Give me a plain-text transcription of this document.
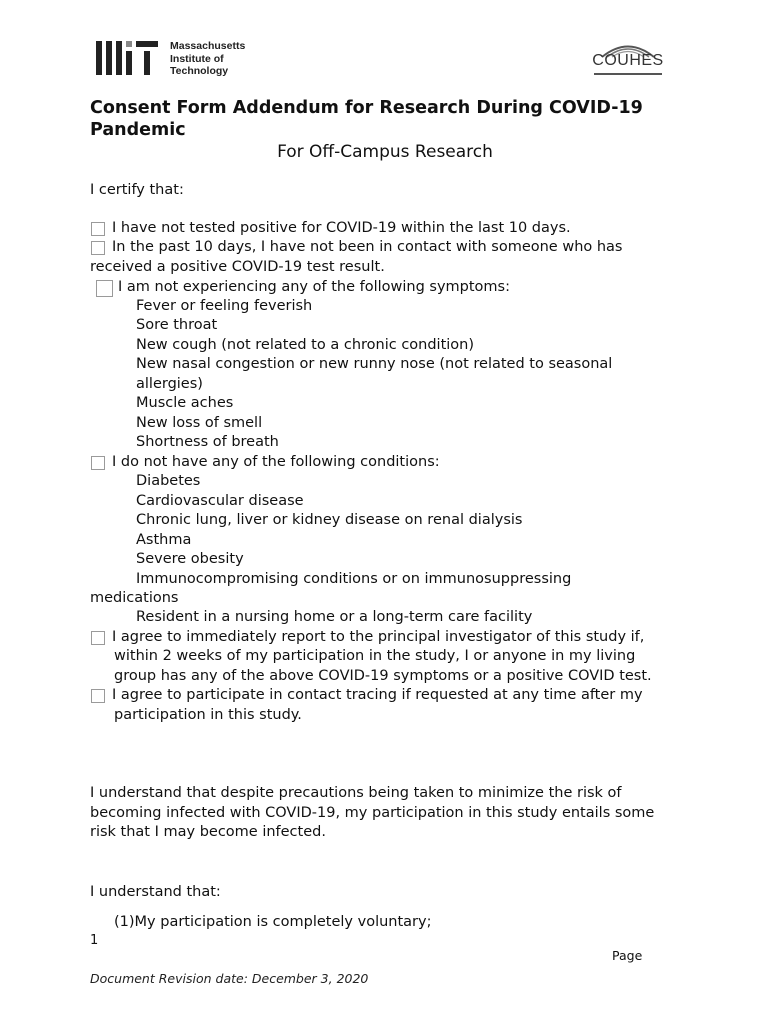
Massachusetts
Institute of
Technology
COUHES
Consent Form Addendum for Research During COVID-19 Pandemic
For Off-Campus Research
I certify that:
I have not tested positive for COVID-19 within the last 10 days.
In the past 10 days, I have not been in contact with someone who has
received a positive COVID-19 test result.
I am not experiencing any of the following symptoms:
Fever or feeling feverish
Sore throat
New cough (not related to a chronic condition)
New nasal congestion or new runny nose (not related to seasonal
allergies)
Muscle aches
New loss of smell
Shortness of breath
I do not have any of the following conditions:
Diabetes
Cardiovascular disease
Chronic lung, liver or kidney disease on renal dialysis
Asthma
Severe obesity
Immunocompromising conditions or on immunosuppressing
medications
Resident in a nursing home or a long-term care facility
I agree to immediately report to the principal investigator of this study if,
within 2 weeks of my participation in the study, I or anyone in my living
group has any of the above COVID-19 symptoms or a positive COVID test.
I agree to participate in contact tracing if requested at any time after my
participation in this study.
I understand that despite precautions being taken to minimize the risk of
becoming infected with COVID-19, my participation in this study entails some
risk that I may become infected.
I understand that:
(1)My participation is completely voluntary;
1
Page
Document Revision date: December 3, 2020
